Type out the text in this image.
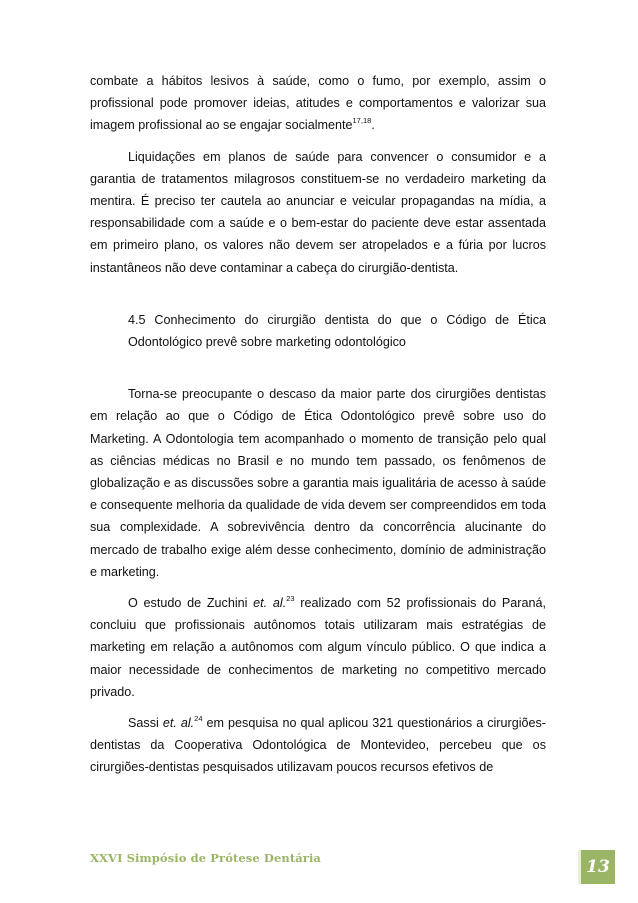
combate a hábitos lesivos à saúde, como o fumo, por exemplo, assim o profissional pode promover ideias, atitudes e comportamentos e valorizar sua imagem profissional ao se engajar socialmente$^{17,18}$.

Liquidações em planos de saúde para convencer o consumidor e a garantia de tratamentos milagrosos constituem-se no verdadeiro marketing da mentira. É preciso ter cautela ao anunciar e veicular propagandas na mídia, a responsabilidade com a saúde e o bem-estar do paciente deve estar assentada em primeiro plano, os valores não devem ser atropelados e a fúria por lucros instantâneos não deve contaminar a cabeça do cirurgião-dentista.

4.5 Conhecimento do cirurgião dentista do que o Código de Ética Odontológico prevê sobre marketing odontológico

Torna-se preocupante o descaso da maior parte dos cirurgiões dentistas em relação ao que o Código de Ética Odontológico prevê sobre uso do Marketing. A Odontologia tem acompanhado o momento de transição pelo qual as ciências médicas no Brasil e no mundo tem passado, os fenômenos de globalização e as discussões sobre a garantia mais igualitária de acesso à saúde e consequente melhoria da qualidade de vida devem ser compreendidos em toda sua complexidade. A sobrevivência dentro da concorrência alucinante do mercado de trabalho exige além desse conhecimento, domínio de administração e marketing.

O estudo de Zuchini et. al.$^{23}$ realizado com 52 profissionais do Paraná, concluiu que profissionais autônomos totais utilizaram mais estratégias de marketing em relação a autônomos com algum vínculo público. O que indica a maior necessidade de conhecimentos de marketing no competitivo mercado privado.

Sassi et. al.$^{24}$ em pesquisa no qual aplicou 321 questionários a cirurgiões-dentistas da Cooperativa Odontológica de Montevideo, percebeu que os cirurgiões-dentistas pesquisados utilizavam poucos recursos efetivos de

XXVI Simpósio de Prótese Dentária	13
